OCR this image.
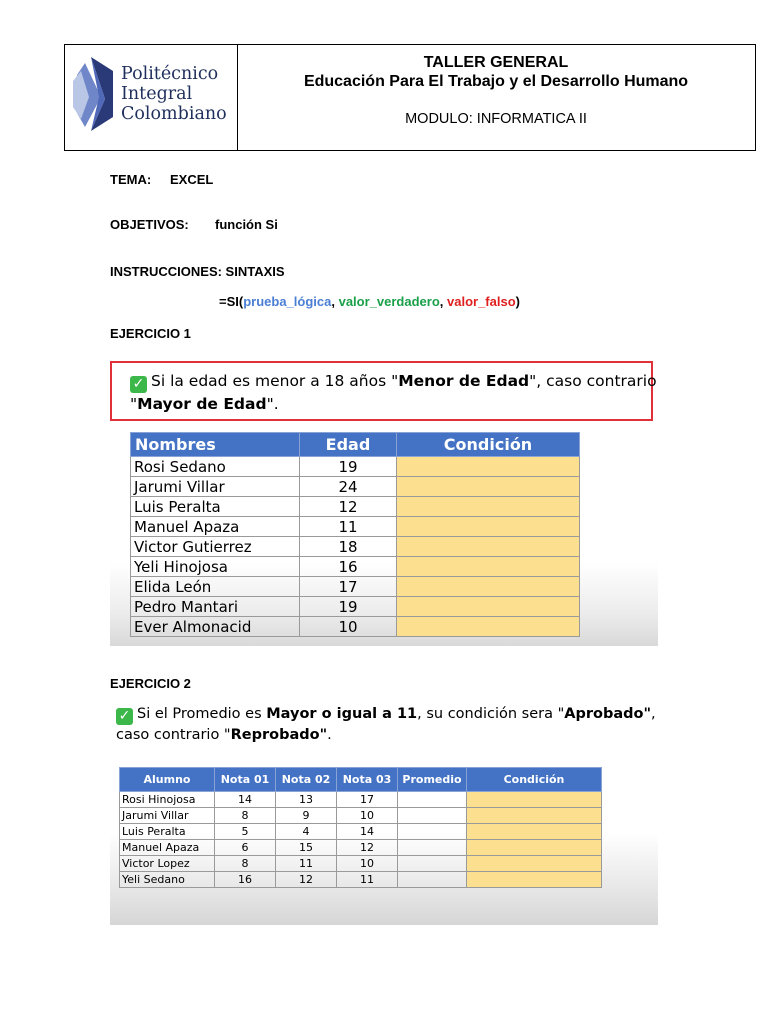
Politécnico
Integral
Colombiano
TALLER GENERAL
Educación Para El Trabajo y el Desarrollo Humano
MODULO: INFORMATICA II
TEMA: EXCEL
OBJETIVOS: función Si
INSTRUCCIONES: SINTAXIS
=SI(prueba_lógica, valor_verdadero, valor_falso)
EJERCICIO 1
✓ Si la edad es menor a 18 años "Menor de Edad", caso contrario
"Mayor de Edad".
Nombres	Edad	Condición
Rosi Sedano	19	
Jarumi Villar	24	
Luis Peralta	12	
Manuel Apaza	11	
Victor Gutierrez	18	
Yeli Hinojosa	16	
Elida León	17	
Pedro Mantari	19	
Ever Almonacid	10	
EJERCICIO 2
✓ Si el Promedio es Mayor o igual a 11, su condición sera "Aprobado",
caso contrario "Reprobado".
Alumno	Nota 01	Nota 02	Nota 03	Promedio	Condición
Rosi Hinojosa	14	13	17		
Jarumi Villar	8	9	10		
Luis Peralta	5	4	14		
Manuel Apaza	6	15	12		
Victor Lopez	8	11	10		
Yeli Sedano	16	12	11		
